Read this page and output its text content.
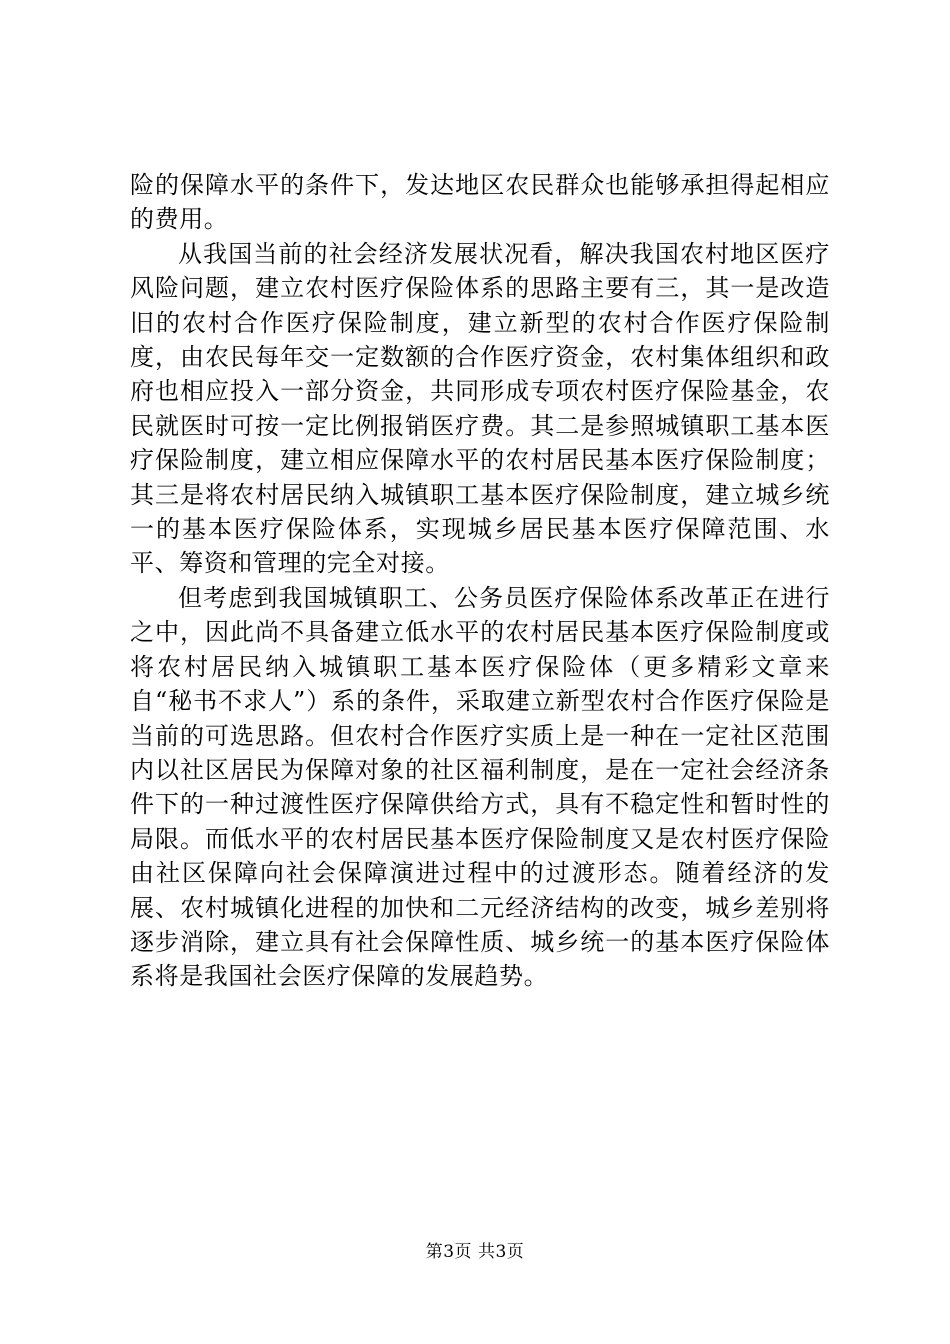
险的保障水平的条件下，发达地区农民群众也能够承担得起相应的费用。

从我国当前的社会经济发展状况看，解决我国农村地区医疗风险问题，建立农村医疗保险体系的思路主要有三，其一是改造旧的农村合作医疗保险制度，建立新型的农村合作医疗保险制度，由农民每年交一定数额的合作医疗资金，农村集体组织和政府也相应投入一部分资金，共同形成专项农村医疗保险基金，农民就医时可按一定比例报销医疗费。其二是参照城镇职工基本医疗保险制度，建立相应保障水平的农村居民基本医疗保险制度；其三是将农村居民纳入城镇职工基本医疗保险制度，建立城乡统一的基本医疗保险体系，实现城乡居民基本医疗保障范围、水平、筹资和管理的完全对接。

但考虑到我国城镇职工、公务员医疗保险体系改革正在进行之中，因此尚不具备建立低水平的农村居民基本医疗保险制度或将农村居民纳入城镇职工基本医疗保险体（更多精彩文章来自“秘书不求人”）系的条件，采取建立新型农村合作医疗保险是当前的可选思路。但农村合作医疗实质上是一种在一定社区范围内以社区居民为保障对象的社区福利制度，是在一定社会经济条件下的一种过渡性医疗保障供给方式，具有不稳定性和暂时性的局限。而低水平的农村居民基本医疗保险制度又是农村医疗保险由社区保障向社会保障演进过程中的过渡形态。随着经济的发展、农村城镇化进程的加快和二元经济结构的改变，城乡差别将逐步消除，建立具有社会保障性质、城乡统一的基本医疗保险体系将是我国社会医疗保障的发展趋势。

第3页 共3页
